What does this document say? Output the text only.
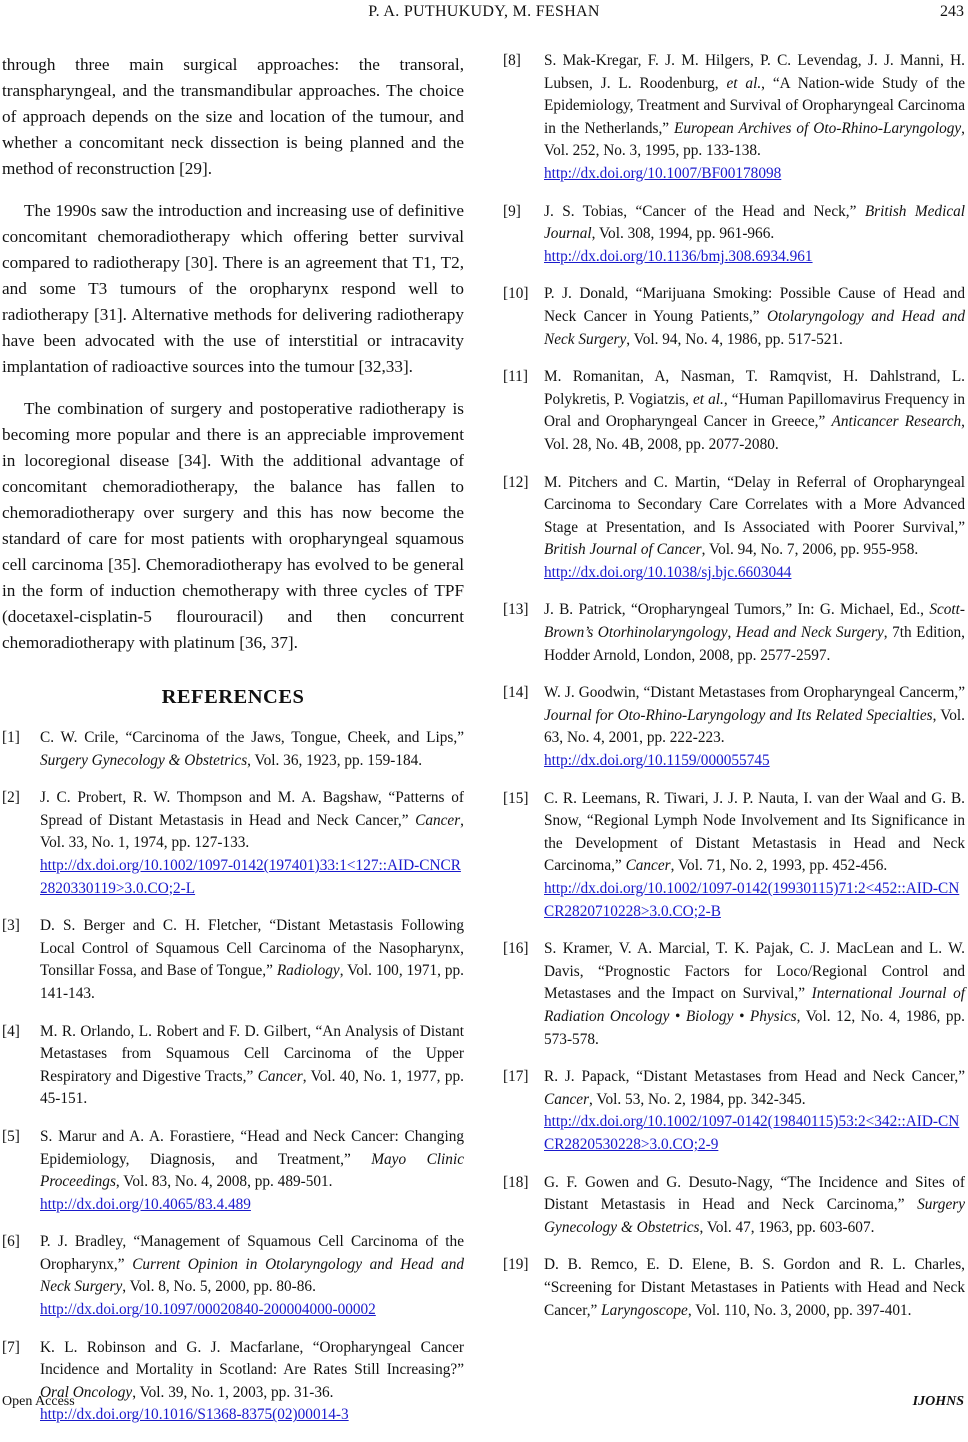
P. A. PUTHUKUDY, M. FESHAN	243

through three main surgical approaches: the transoral, transpharyngeal, and the transmandibular approaches. The choice of approach depends on the size and location of the tumour, and whether a concomitant neck dissection is being planned and the method of reconstruction [29].

The 1990s saw the introduction and increasing use of definitive concomitant chemoradiotherapy which offering better survival compared to radiotherapy [30]. There is an agreement that T1, T2, and some T3 tumours of the oropharynx respond well to radiotherapy [31]. Alternative methods for delivering radiotherapy have been advocated with the use of interstitial or intracavity implantation of radioactive sources into the tumour [32,33].

The combination of surgery and postoperative radiotherapy is becoming more popular and there is an appreciable improvement in locoregional disease [34]. With the additional advantage of concomitant chemoradiotherapy, the balance has fallen to chemoradiotherapy over surgery and this has now become the standard of care for most patients with oropharyngeal squamous cell carcinoma [35]. Chemoradiotherapy has evolved to be general in the form of induction chemotherapy with three cycles of TPF (docetaxel-cisplatin-5 flourouracil) and then concurrent chemoradiotherapy with platinum [36, 37].

REFERENCES
[1] C. W. Crile, “Carcinoma of the Jaws, Tongue, Cheek, and Lips,” Surgery Gynecology & Obstetrics, Vol. 36, 1923, pp. 159-184.
[2] J. C. Probert, R. W. Thompson and M. A. Bagshaw, “Patterns of Spread of Distant Metastasis in Head and Neck Cancer,” Cancer, Vol. 33, No. 1, 1974, pp. 127-133.
http://dx.doi.org/10.1002/1097-0142(197401)33:1<127::AID-CNCR2820330119>3.0.CO;2-L
[3] D. S. Berger and C. H. Fletcher, “Distant Metastasis Following Local Control of Squamous Cell Carcinoma of the Nasopharynx, Tonsillar Fossa, and Base of Tongue,” Radiology, Vol. 100, 1971, pp. 141-143.
[4] M. R. Orlando, L. Robert and F. D. Gilbert, “An Analysis of Distant Metastases from Squamous Cell Carcinoma of the Upper Respiratory and Digestive Tracts,” Cancer, Vol. 40, No. 1, 1977, pp. 45-151.
[5] S. Marur and A. A. Forastiere, “Head and Neck Cancer: Changing Epidemiology, Diagnosis, and Treatment,” Mayo Clinic Proceedings, Vol. 83, No. 4, 2008, pp. 489-501.
http://dx.doi.org/10.4065/83.4.489
[6] P. J. Bradley, “Management of Squamous Cell Carcinoma of the Oropharynx,” Current Opinion in Otolaryngology and Head and Neck Surgery, Vol. 8, No. 5, 2000, pp. 80-86.
http://dx.doi.org/10.1097/00020840-200004000-00002
[7] K. L. Robinson and G. J. Macfarlane, “Oropharyngeal Cancer Incidence and Mortality in Scotland: Are Rates Still Increasing?” Oral Oncology, Vol. 39, No. 1, 2003, pp. 31-36.
http://dx.doi.org/10.1016/S1368-8375(02)00014-3
[8] S. Mak-Kregar, F. J. M. Hilgers, P. C. Levendag, J. J. Manni, H. Lubsen, J. L. Roodenburg, et al., “A Nation-wide Study of the Epidemiology, Treatment and Survival of Oropharyngeal Carcinoma in the Netherlands,” European Archives of Oto-Rhino-Laryngology, Vol. 252, No. 3, 1995, pp. 133-138.
http://dx.doi.org/10.1007/BF00178098
[9] J. S. Tobias, “Cancer of the Head and Neck,” British Medical Journal, Vol. 308, 1994, pp. 961-966.
http://dx.doi.org/10.1136/bmj.308.6934.961
[10] P. J. Donald, “Marijuana Smoking: Possible Cause of Head and Neck Cancer in Young Patients,” Otolaryngology and Head and Neck Surgery, Vol. 94, No. 4, 1986, pp. 517-521.
[11] M. Romanitan, A, Nasman, T. Ramqvist, H. Dahlstrand, L. Polykretis, P. Vogiatzis, et al., “Human Papillomavirus Frequency in Oral and Oropharyngeal Cancer in Greece,” Anticancer Research, Vol. 28, No. 4B, 2008, pp. 2077-2080.
[12] M. Pitchers and C. Martin, “Delay in Referral of Oropharyngeal Carcinoma to Secondary Care Correlates with a More Advanced Stage at Presentation, and Is Associated with Poorer Survival,” British Journal of Cancer, Vol. 94, No. 7, 2006, pp. 955-958.
http://dx.doi.org/10.1038/sj.bjc.6603044
[13] J. B. Patrick, “Oropharyngeal Tumors,” In: G. Michael, Ed., Scott-Brown’s Otorhinolaryngology, Head and Neck Surgery, 7th Edition, Hodder Arnold, London, 2008, pp. 2577-2597.
[14] W. J. Goodwin, “Distant Metastases from Oropharyngeal Cancerm,” Journal for Oto-Rhino-Laryngology and Its Related Specialties, Vol. 63, No. 4, 2001, pp. 222-223.
http://dx.doi.org/10.1159/000055745
[15] C. R. Leemans, R. Tiwari, J. J. P. Nauta, I. van der Waal and G. B. Snow, “Regional Lymph Node Involvement and Its Significance in the Development of Distant Metastasis in Head and Neck Carcinoma,” Cancer, Vol. 71, No. 2, 1993, pp. 452-456.
http://dx.doi.org/10.1002/1097-0142(19930115)71:2<452::AID-CNCR2820710228>3.0.CO;2-B
[16] S. Kramer, V. A. Marcial, T. K. Pajak, C. J. MacLean and L. W. Davis, “Prognostic Factors for Loco/Regional Control and Metastases and the Impact on Survival,” International Journal of Radiation Oncology • Biology • Physics, Vol. 12, No. 4, 1986, pp. 573-578.
[17] R. J. Papack, “Distant Metastases from Head and Neck Cancer,” Cancer, Vol. 53, No. 2, 1984, pp. 342-345.
http://dx.doi.org/10.1002/1097-0142(19840115)53:2<342::AID-CNCR2820530228>3.0.CO;2-9
[18] G. F. Gowen and G. Desuto-Nagy, “The Incidence and Sites of Distant Metastasis in Head and Neck Carcinoma,” Surgery Gynecology & Obstetrics, Vol. 47, 1963, pp. 603-607.
[19] D. B. Remco, E. D. Elene, B. S. Gordon and R. L. Charles, “Screening for Distant Metastases in Patients with Head and Neck Cancer,” Laryngoscope, Vol. 110, No. 3, 2000, pp. 397-401.
Open Access	IJOHNS
